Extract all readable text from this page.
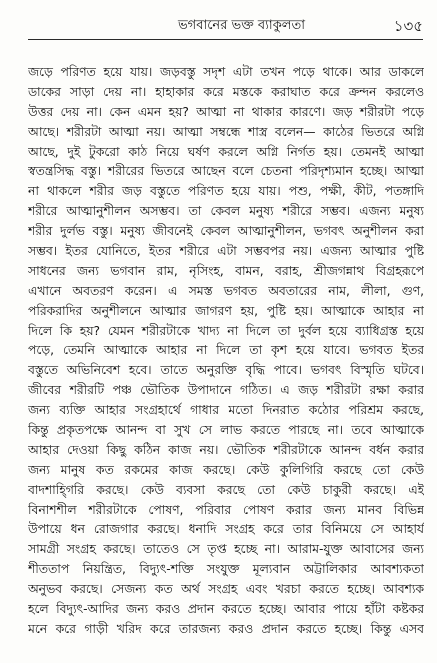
ভগবানের ভক্ত ব্যাকুলতা	১৩৫
জড়ে পরিণত হয়ে যায়। জড়বস্তু সদৃশ এটা তখন পড়ে থাকে। আর ডাকলে
ডাকের সাড়া দেয় না। হাহাকার করে মস্তকে করাঘাত করে ক্রন্দন করলেও
উত্তর দেয় না। কেন এমন হয়? আত্মা না থাকার কারণে। জড় শরীরটা পড়ে
আছে। শরীরটা আত্মা নয়। আত্মা সম্বন্ধে শাস্ত্র বলেন— কাঠের ভিতরে অগ্নি
আছে, দুই টুকরো কাঠ নিয়ে ঘর্ষণ করলে অগ্নি নির্গত হয়। তেমনই আত্মা
স্বতন্ত্রসিদ্ধ বস্তু। শরীরের ভিতরে আছেন বলে চেতনা পরিদৃশ্যমান হচ্ছে। আত্মা
না থাকলে শরীর জড় বস্তুতে পরিণত হয়ে যায়। পশু, পক্ষী, কীট, পতঙ্গাদি
শরীরে আত্মানুশীলন অসম্ভব। তা কেবল মনুষ্য শরীরে সম্ভব। এজন্য মনুষ্য
শরীর দুর্লভ বস্তু। মনুষ্য জীবনেই কেবল আত্মানুশীলন, ভগবৎ অনুশীলন করা
সম্ভব। ইতর যোনিতে, ইতর শরীরে এটা সম্ভবপর নয়। এজন্য আত্মার পুষ্টি
সাধনের জন্য ভগবান রাম, নৃসিংহ, বামন, বরাহ, শ্রীজগন্নাথ বিগ্রহরূপে
এখানে অবতরণ করেন। এ সমস্ত ভগবত অবতারের নাম, লীলা, গুণ,
পরিকরাদির অনুশীলনে আত্মার জাগরণ হয়, পুষ্টি হয়। আত্মাকে আহার না
দিলে কি হয়? যেমন শরীরটাকে খাদ্য না দিলে তা দুর্বল হয়ে ব্যাধিগ্রস্ত হয়ে
পড়ে, তেমনি আত্মাকে আহার না দিলে তা কৃশ হয়ে যাবে। ভগবত ইতর
বস্তুতে অভিনিবেশ হবে। তাতে অনুরক্তি বৃদ্ধি পাবে। ভগবৎ বিস্মৃতি ঘটবে।
জীবের শরীরটি পঞ্চ ভৌতিক উপাদানে গঠিত। এ জড় শরীরটা রক্ষা করার
জন্য ব্যক্তি আহার সংগ্রহার্থে গাধার মতো দিনরাত কঠোর পরিশ্রম করছে,
কিন্তু প্রকৃতপক্ষে আনন্দ বা সুখ সে লাভ করতে পারছে না। তবে আত্মাকে
আহার দেওয়া কিছু কঠিন কাজ নয়। ভৌতিক শরীরটাকে আনন্দ বর্ধন করার
জন্য মানুষ কত রকমের কাজ করছে। কেউ কুলিগিরি করছে তো কেউ
বাদশাহ্গিরি করছে। কেউ ব্যবসা করছে তো কেউ চাকুরী করছে। এই
বিনাশশীল শরীরটাকে পোষণ, পরিবার পোষণ করার জন্য মানব বিভিন্ন
উপায়ে ধন রোজগার করছে। ধনাদি সংগ্রহ করে তার বিনিময়ে সে আহার্য
সামগ্রী সংগ্রহ করছে। তাতেও সে তৃপ্ত হচ্ছে না। আরাম-যুক্ত আবাসের জন্য
শীততাপ নিয়ন্ত্রিত, বিদ্যুৎ-শক্তি সংযুক্ত মূল্যবান অট্টালিকার আবশ্যকতা
অনুভব করছে। সেজন্য কত অর্থ সংগ্রহ এবং খরচা করতে হচ্ছে। আবশ্যক
হলে বিদ্যুৎ-আদির জন্য করও প্রদান করতে হচ্ছে। আবার পায়ে হাঁটা কষ্টকর
মনে করে গাড়ী খরিদ করে তারজন্য করও প্রদান করতে হচ্ছে। কিন্তু এসব
